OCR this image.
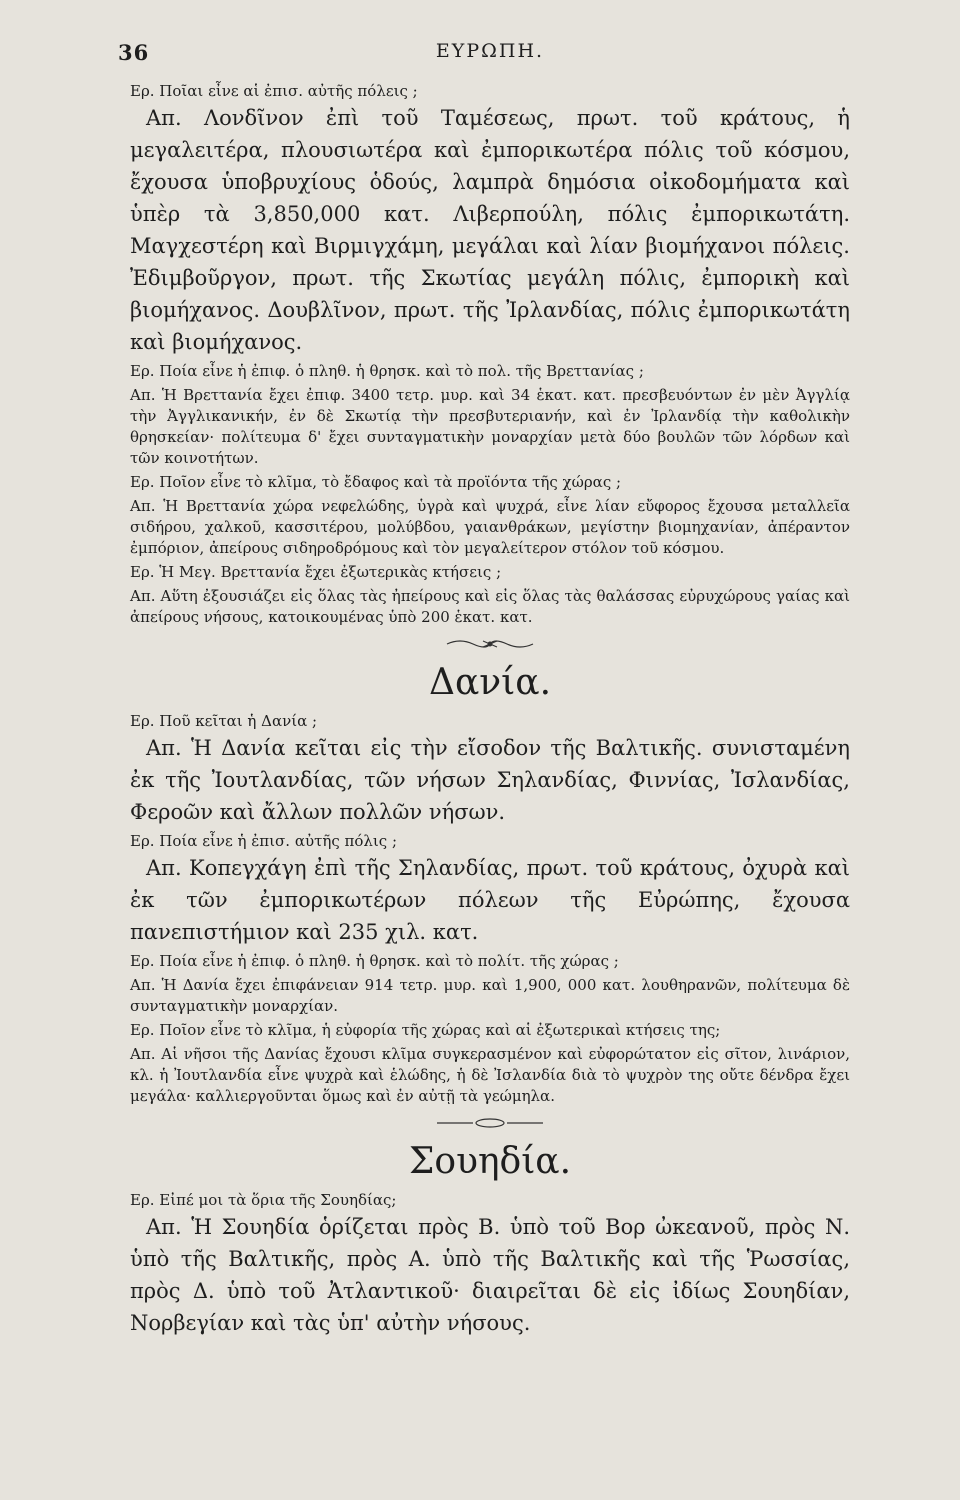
36	ΕΥΡΩΠΗ.

Ερ. Ποῖαι εἶνε αἱ ἐπισ. αὐτῆς πόλεις ;

Απ. Λονδῖνον ἐπὶ τοῦ Ταμέσεως, πρωτ. τοῦ κράτους, ἡ μεγαλειτέρα, πλουσιωτέρα καὶ ἐμπορικωτέρα πόλις τοῦ κόσμου, ἔχουσα ὑποβρυχίους ὁδούς, λαμπρὰ δημόσια οἰκοδομήματα καὶ ὑπὲρ τὰ 3,850,000 κατ. Λιβερπούλη, πόλις ἐμπορικωτάτη. Μαγχεστέρη καὶ Βιρμιγχάμη, μεγάλαι καὶ λίαν βιομήχανοι πόλεις. Ἐδιμβοῦργον, πρωτ. τῆς Σκωτίας μεγάλη πόλις, ἐμπορικὴ καὶ βιομήχανος. Δουβλῖνον, πρωτ. τῆς Ἰρλανδίας, πόλις ἐμπορικωτάτη καὶ βιομήχανος.

Ερ. Ποία εἶνε ἡ ἐπιφ. ὁ πληθ. ἡ θρησκ. καὶ τὸ πολ. τῆς Βρεττανίας ;

Απ. Ἡ Βρεττανία ἔχει ἐπιφ. 3400 τετρ. μυρ. καὶ 34 ἑκατ. κατ. πρεσβευόντων ἐν μὲν Ἀγγλίᾳ τὴν Ἀγγλικανικήν, ἐν δὲ Σκωτίᾳ τὴν πρεσβυτεριανήν, καὶ ἐν Ἰρλανδίᾳ τὴν καθολικὴν θρησκείαν· πολίτευμα δ' ἔχει συνταγματικὴν μοναρχίαν μετὰ δύο βουλῶν τῶν λόρδων καὶ τῶν κοινοτήτων.

Ερ. Ποῖον εἶνε τὸ κλῖμα, τὸ ἔδαφος καὶ τὰ προϊόντα τῆς χώρας ;

Απ. Ἡ Βρεττανία χώρα νεφελώδης, ὑγρὰ καὶ ψυχρά, εἶνε λίαν εὔφορος ἔχουσα μεταλλεῖα σιδήρου, χαλκοῦ, κασσιτέρου, μολύβδου, γαιανθράκων, μεγίστην βιομηχανίαν, ἀπέραντον ἐμπόριον, ἀπείρους σιδηροδρόμους καὶ τὸν μεγαλείτερον στόλον τοῦ κόσμου.

Ερ. Ἡ Μεγ. Βρεττανία ἔχει ἐξωτερικὰς κτήσεις ;

Απ. Αὕτη ἐξουσιάζει εἰς ὅλας τὰς ἠπείρους καὶ εἰς ὅλας τὰς θαλάσσας εὐρυχώρους γαίας καὶ ἀπείρους νήσους, κατοικουμένας ὑπὸ 200 ἑκατ. κατ.

Δανία.

Ερ. Ποῦ κεῖται ἡ Δανία ;

Απ. Ἡ Δανία κεῖται εἰς τὴν εἴσοδον τῆς Βαλτικῆς. συνισταμένη ἐκ τῆς Ἰουτλανδίας, τῶν νήσων Σηλανδίας, Φιννίας, Ἰσλανδίας, Φεροῶν καὶ ἄλλων πολλῶν νήσων.

Ερ. Ποία εἶνε ἡ ἐπισ. αὐτῆς πόλις ;

Απ. Κοπεγχάγη ἐπὶ τῆς Σηλανδίας, πρωτ. τοῦ κράτους, ὀχυρὰ καὶ ἐκ τῶν ἐμπορικωτέρων πόλεων τῆς Εὐρώπης, ἔχουσα πανεπιστήμιον καὶ 235 χιλ. κατ.

Ερ. Ποία εἶνε ἡ ἐπιφ. ὁ πληθ. ἡ θρησκ. καὶ τὸ πολίτ. τῆς χώρας ;

Απ. Ἡ Δανία ἔχει ἐπιφάνειαν 914 τετρ. μυρ. καὶ 1,900, 000 κατ. λουθηρανῶν, πολίτευμα δὲ συνταγματικὴν μοναρχίαν.

Ερ. Ποῖον εἶνε τὸ κλῖμα, ἡ εὐφορία τῆς χώρας καὶ αἱ ἐξωτερικαὶ κτήσεις της;

Απ. Αἱ νῆσοι τῆς Δανίας ἔχουσι κλῖμα συγκερασμένον καὶ εὐφορώτατον εἰς σῖτον, λινάριον, κλ. ἡ Ἰουτλανδία εἶνε ψυχρὰ καὶ ἑλώδης, ἡ δὲ Ἰσλανδία διὰ τὸ ψυχρὸν της οὔτε δένδρα ἔχει μεγάλα· καλλιεργοῦνται ὅμως καὶ ἐν αὐτῇ τὰ γεώμηλα.

Σουηδία.

Ερ. Εἰπέ μοι τὰ ὅρια τῆς Σουηδίας;

Απ. Ἡ Σουηδία ὁρίζεται πρὸς Β. ὑπὸ τοῦ Βορ ὠκεανοῦ, πρὸς Ν. ὑπὸ τῆς Βαλτικῆς, πρὸς Α. ὑπὸ τῆς Βαλτικῆς καὶ τῆς Ῥωσσίας, πρὸς Δ. ὑπὸ τοῦ Ἀτλαντικοῦ· διαιρεῖται δὲ εἰς ἰδίως Σουηδίαν, Νορβεγίαν καὶ τὰς ὑπ' αὐτὴν νήσους.
